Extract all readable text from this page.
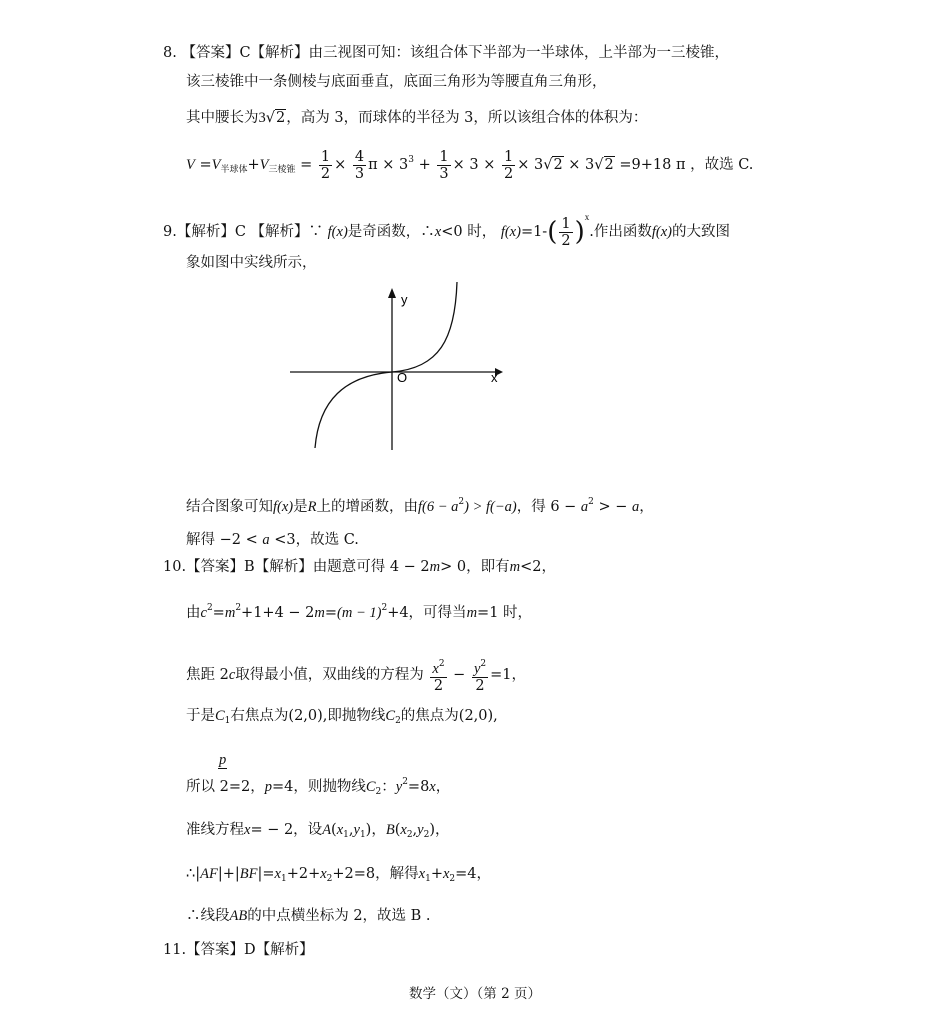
8. 【答案】C【解析】由三视图可知：该组合体下半部为一半球体，上半部为一三棱锥，
该三棱锥中一条侧棱与底面垂直，底面三角形为等腰直角三角形，
其中腰长为3√2，高为 3，而球体的半径为 3，所以该组合体的体积为：
$V =V_{半球体}+V_{三棱锥} = \frac{1}{2} \times \frac{4}{3}$ $\pi \times 3^3 + \frac{1}{3} \times 3 \times \frac{1}{2} \times 3√2 \times 3√2 =9+18$ π ，故选 C.
9.【解析】C 【解析】∵ f(x)是奇函数，∴x<0 时， $f(x)=1-( \frac{1}{2} )^x$.作出函数f(x)的大致图
象如图中实线所示，
y
x
O
结合图象可知f(x)是R上的增函数，由$f(6 - a^2) > f(-a)$，得 $6 - a^2$ > − a，
解得 −2 < a <3，故选 C.
10.【答案】B【解析】由题意可得 4 − 2m> 0，即有m<2，
由$c^2=m^2+1+4 - 2m=(m - 1)^2+4$，可得当m=1 时，
焦距 2c取得最小值，双曲线的方程为 $\frac{x^2}{2} - \frac{y^2}{2} =1$，
于是$C_1$右焦点为(2,0),即抛物线$C_2$的焦点为(2,0),
p
所以 2=2，p=4，则抛物线$C_2$：$y^2=8x$，
准线方程x= − 2，设$A(x_1,y_1)$，$B(x_2,y_2)$，
$\therefore|AF|+|BF|=x_1+2+x_2+2=8$，解得$x_1+x_2=4$，
∴线段AB的中点横坐标为 2，故选 B .
11.【答案】D【解析】
数学（文）（第 2 页）
